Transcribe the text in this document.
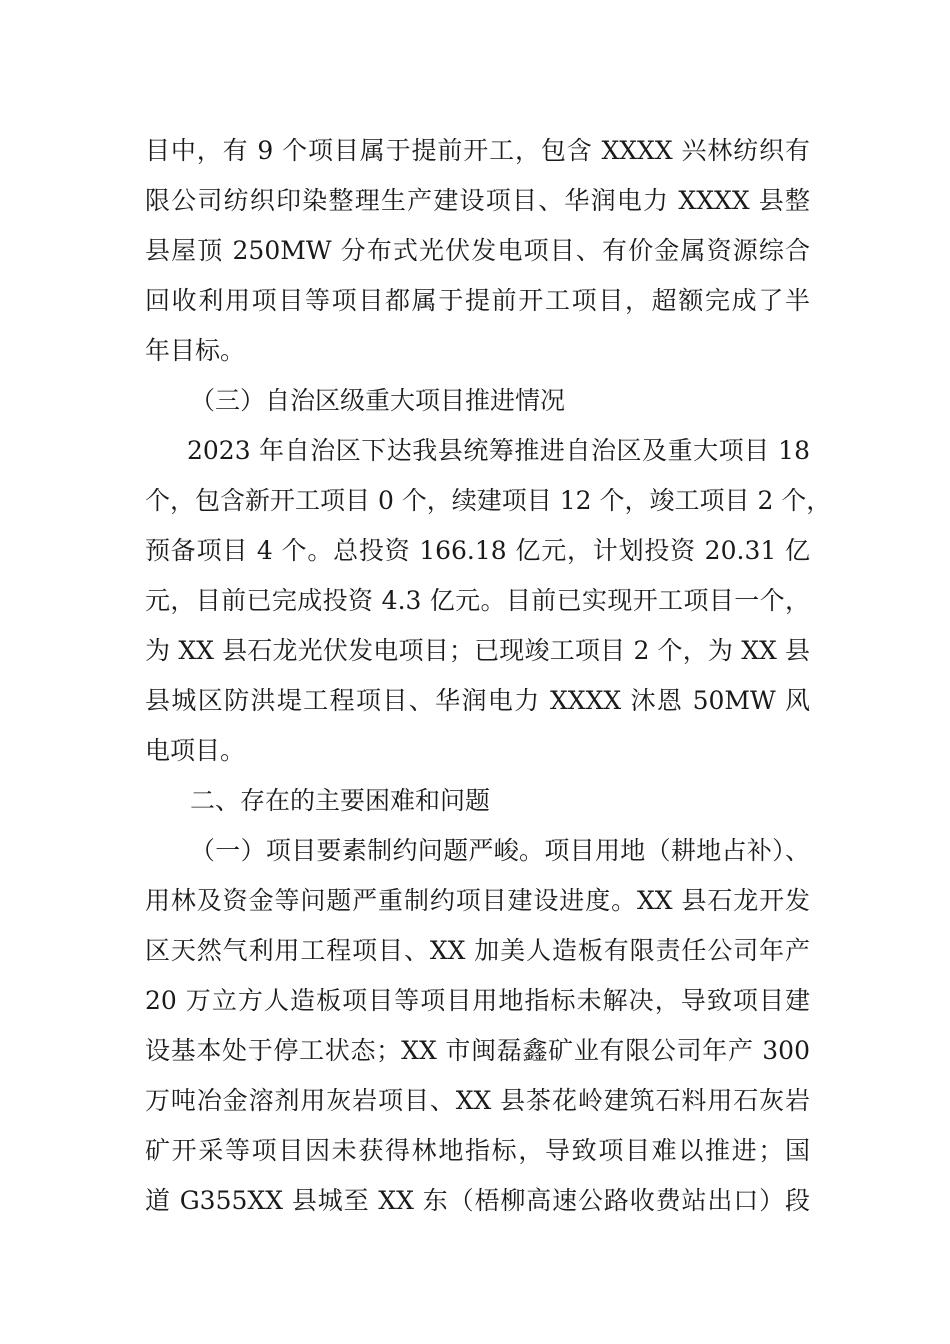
目中，有 9 个项目属于提前开工，包含 XXXX 兴林纺织有
限公司纺织印染整理生产建设项目、华润电力 XXXX 县整
县屋顶 250MW 分布式光伏发电项目、有价金属资源综合
回收利用项目等项目都属于提前开工项目，超额完成了半
年目标。
（三）自治区级重大项目推进情况
2023 年自治区下达我县统筹推进自治区及重大项目 18
个，包含新开工项目 0 个，续建项目 12 个，竣工项目 2 个，
预备项目 4 个。总投资 166.18 亿元，计划投资 20.31 亿
元，目前已完成投资 4.3 亿元。目前已实现开工项目一个，
为 XX 县石龙光伏发电项目；已现竣工项目 2 个，为 XX 县
县城区防洪堤工程项目、华润电力 XXXX 沐恩 50MW 风
电项目。
二、存在的主要困难和问题
（一）项目要素制约问题严峻。项目用地（耕地占补）、
用林及资金等问题严重制约项目建设进度。XX 县石龙开发
区天然气利用工程项目、XX 加美人造板有限责任公司年产
20 万立方人造板项目等项目用地指标未解决，导致项目建
设基本处于停工状态；XX 市闽磊鑫矿业有限公司年产 300
万吨冶金溶剂用灰岩项目、XX 县茶花岭建筑石料用石灰岩
矿开采等项目因未获得林地指标，导致项目难以推进；国
道 G355XX 县城至 XX 东（梧柳高速公路收费站出口）段
